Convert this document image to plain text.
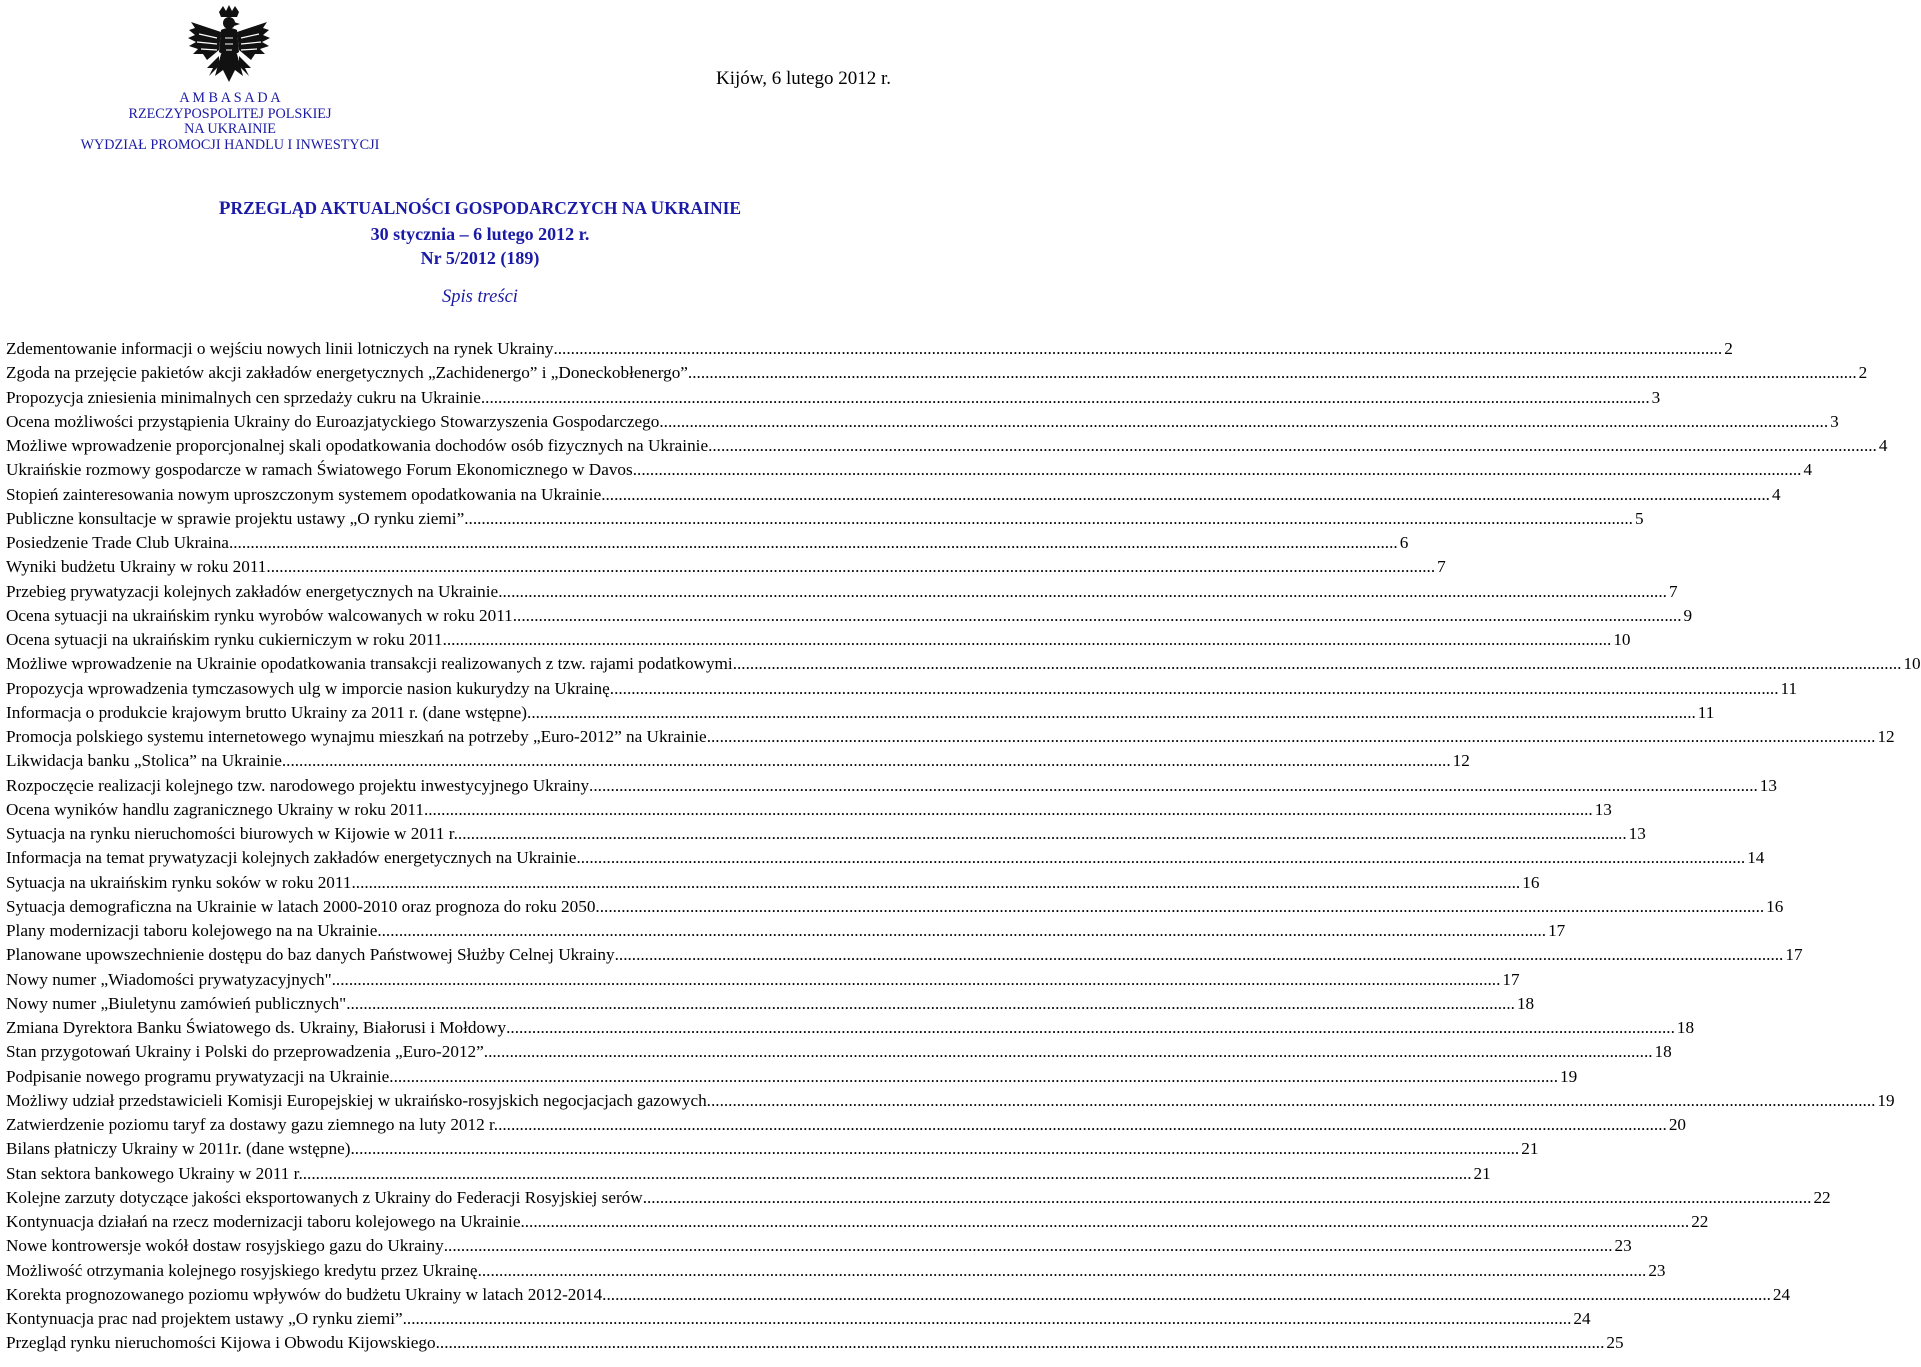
A M B A S A D A
RZECZYPOSPOLITEJ POLSKIEJ
NA UKRAINIE
WYDZIAŁ PROMOCJI HANDLU I INWESTYCJI
Kijów, 6 lutego 2012 r.
PRZEGLĄD AKTUALNOŚCI GOSPODARCZYCH NA UKRAINIE
30 stycznia – 6 lutego 2012 r.
Nr 5/2012 (189)
Spis treści
Zdementowanie informacji o wejściu nowych linii lotniczych na rynek Ukrainy .....	2
Zgoda na przejęcie pakietów akcji zakładów energetycznych „Zachidenergo” i „Doneckobłenergo” .....	2
Propozycja zniesienia minimalnych cen sprzedaży cukru na Ukrainie .....	3
Ocena możliwości przystąpienia Ukrainy do Euroazjatyckiego Stowarzyszenia Gospodarczego .....	3
Możliwe wprowadzenie proporcjonalnej skali opodatkowania dochodów osób fizycznych na Ukrainie .....	4
Ukraińskie rozmowy gospodarcze w ramach Światowego Forum Ekonomicznego w Davos .....	4
Stopień zainteresowania nowym uproszczonym systemem opodatkowania na Ukrainie .....	4
Publiczne konsultacje w sprawie projektu ustawy „O rynku ziemi” .....	5
Posiedzenie Trade Club Ukraina .....	6
Wyniki budżetu Ukrainy w roku 2011 .....	7
Przebieg prywatyzacji kolejnych zakładów energetycznych na Ukrainie .....	7
Ocena sytuacji na ukraińskim rynku wyrobów walcowanych w roku 2011 .....	9
Ocena sytuacji na ukraińskim rynku cukierniczym w roku 2011 .....	10
Możliwe wprowadzenie na Ukrainie opodatkowania transakcji realizowanych z tzw. rajami podatkowymi .....	10
Propozycja wprowadzenia tymczasowych ulg w imporcie nasion kukurydzy na Ukrainę .....	11
Informacja o produkcie krajowym brutto Ukrainy za 2011 r. (dane wstępne) .....	11
Promocja polskiego systemu internetowego wynajmu mieszkań na potrzeby „Euro-2012” na Ukrainie .....	12
Likwidacja banku „Stolica” na Ukrainie .....	12
Rozpoczęcie realizacji kolejnego tzw. narodowego projektu inwestycyjnego Ukrainy .....	13
Ocena wyników handlu zagranicznego Ukrainy w roku 2011 .....	13
Sytuacja na rynku nieruchomości biurowych w Kijowie w 2011 r. .....	13
Informacja na temat prywatyzacji kolejnych zakładów energetycznych na Ukrainie .....	14
Sytuacja na ukraińskim rynku soków w roku 2011 .....	16
Sytuacja demograficzna na Ukrainie w latach 2000-2010 oraz prognoza do roku 2050 .....	16
Plany modernizacji taboru kolejowego na na Ukrainie .....	17
Planowane upowszechnienie dostępu do baz danych Państwowej Służby Celnej Ukrainy .....	17
Nowy numer „Wiadomości prywatyzacyjnych" .....	17
Nowy numer „Biuletynu zamówień publicznych" .....	18
Zmiana Dyrektora Banku Światowego ds. Ukrainy, Białorusi i Mołdowy .....	18
Stan przygotowań Ukrainy i Polski do przeprowadzenia „Euro-2012” .....	18
Podpisanie nowego programu prywatyzacji na Ukrainie .....	19
Możliwy udział przedstawicieli Komisji Europejskiej w ukraińsko-rosyjskich negocjacjach gazowych .....	19
Zatwierdzenie poziomu taryf za dostawy gazu ziemnego na luty 2012 r. .....	20
Bilans płatniczy Ukrainy w 2011r. (dane wstępne) .....	21
Stan sektora bankowego Ukrainy w 2011 r. .....	21
Kolejne zarzuty dotyczące jakości eksportowanych z Ukrainy do Federacji Rosyjskiej serów .....	22
Kontynuacja działań na rzecz modernizacji taboru kolejowego na Ukrainie .....	22
Nowe kontrowersje wokół dostaw rosyjskiego gazu do Ukrainy .....	23
Możliwość otrzymania kolejnego rosyjskiego kredytu przez Ukrainę .....	23
Korekta prognozowanego poziomu wpływów do budżetu Ukrainy w latach 2012-2014 .....	24
Kontynuacja prac nad projektem ustawy „O rynku ziemi” .....	24
Przegląd rynku nieruchomości Kijowa i Obwodu Kijowskiego .....	25
